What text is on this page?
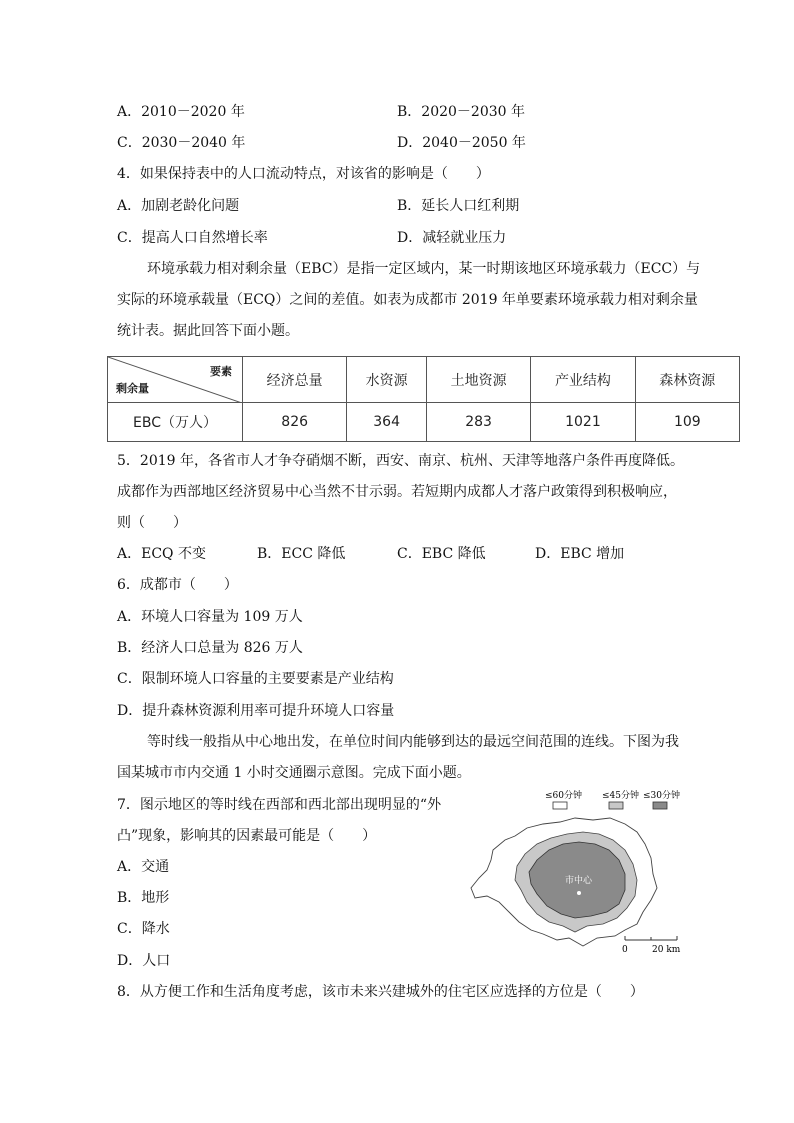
A．2010－2020 年	B．2020－2030 年
C．2030－2040 年	D．2040－2050 年
4．如果保持表中的人口流动特点，对该省的影响是（　　）
A．加剧老龄化问题	B．延长人口红利期
C．提高人口自然增长率	D．减轻就业压力
环境承载力相对剩余量（EBC）是指一定区域内，某一时期该地区环境承载力（ECC）与
实际的环境承载量（ECQ）之间的差值。如表为成都市 2019 年单要素环境承载力相对剩余量
统计表。据此回答下面小题。
要素
剩余量	经济总量	水资源	土地资源	产业结构	森林资源
EBC（万人）	826	364	283	1021	109
5．2019 年，各省市人才争夺硝烟不断，西安、南京、杭州、天津等地落户条件再度降低。
成都作为西部地区经济贸易中心当然不甘示弱。若短期内成都人才落户政策得到积极响应，
则（　　）
A．ECQ 不变	B．ECC 降低	C．EBC 降低	D．EBC 增加
6．成都市（　　）
A．环境人口容量为 109 万人
B．经济人口总量为 826 万人
C．限制环境人口容量的主要要素是产业结构
D．提升森林资源利用率可提升环境人口容量
等时线一般指从中心地出发，在单位时间内能够到达的最远空间范围的连线。下图为我
国某城市市内交通 1 小时交通圈示意图。完成下面小题。
7．图示地区的等时线在西部和西北部出现明显的“外
凸”现象，影响其的因素最可能是（　　）
A．交通
B．地形
C．降水
D．人口
8．从方便工作和生活角度考虑，该市未来兴建城外的住宅区应选择的方位是（　　）
≤60分钟 ≤45分钟 ≤30分钟
市中心
0	20 km
